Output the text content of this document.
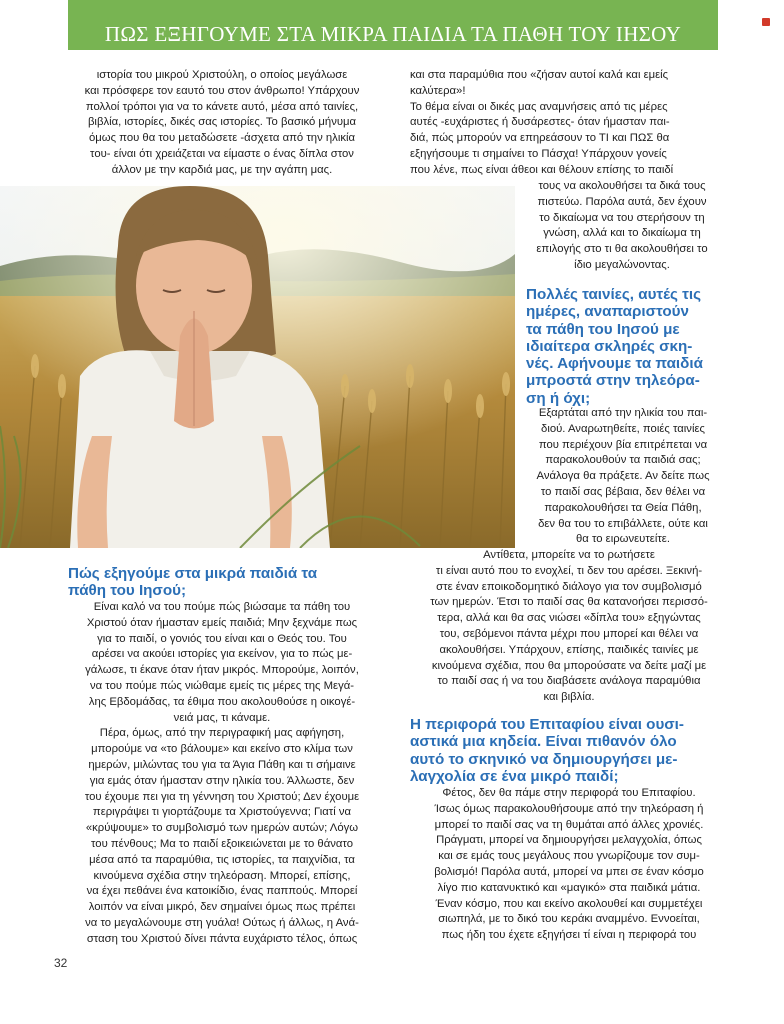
ΠΩΣ ΕΞΗΓΟΥΜΕ ΣΤΑ ΜΙΚΡΑ ΠΑΙΔΙΑ ΤΑ ΠΑΘΗ ΤΟΥ ΙΗΣΟΥ
ιστορία του μικρού Χριστούλη, ο οποίος μεγάλωσε
και πρόσφερε τον εαυτό του στον άνθρωπο! Υπάρχουν
πολλοί τρόποι για να το κάνετε αυτό, μέσα από ταινίες,
βιβλία, ιστορίες, δικές σας ιστορίες. Το βασικό μήνυμα
όμως που θα του μεταδώσετε -άσχετα από την ηλικία
του- είναι ότι χρειάζεται να είμαστε ο ένας δίπλα στον
άλλον με την καρδιά μας, με την αγάπη μας.
και στα παραμύθια που «ζήσαν αυτοί καλά και εμείς
καλύτερα»!
Το θέμα είναι οι δικές μας αναμνήσεις από τις μέρες
αυτές -ευχάριστες ή δυσάρεστες- όταν ήμασταν παι-
διά, πώς μπορούν να επηρεάσουν το ΤΙ και ΠΩΣ θα
εξηγήσουμε τι σημαίνει το Πάσχα! Υπάρχουν γονείς
που λένε, πως είναι άθεοι και θέλουν επίσης το παιδί
τους να ακολουθήσει τα δικά τους
πιστεύω. Παρόλα αυτά, δεν έχουν
το δικαίωμα να του στερήσουν τη
γνώση, αλλά και το δικαίωμα τη
επιλογής στο τι θα ακολουθήσει το
ίδιο μεγαλώνοντας.
Πολλές ταινίες, αυτές τις
ημέρες, αναπαριστούν
τα πάθη του Ιησού με
ιδιαίτερα σκληρές σκη-
νές. Αφήνουμε τα παιδιά
μπροστά στην τηλεόρα-
ση ή όχι;
Εξαρτάται από την ηλικία του παι-
διού. Αναρωτηθείτε, ποιές ταινίες
που περιέχουν βία επιτρέπεται να
παρακολουθούν τα παιδιά σας;
Ανάλογα θα πράξετε. Αν δείτε πως
το παιδί σας βέβαια, δεν θέλει να
παρακολουθήσει τα Θεία Πάθη,
δεν θα του το επιβάλλετε, ούτε και
θα το ειρωνευτείτε.
Αντίθετα, μπορείτε να το ρωτήσετε
τι είναι αυτό που το ενοχλεί, τι δεν του αρέσει. Ξεκινή-
στε έναν εποικοδομητικό διάλογο για τον συμβολισμό
των ημερών. Έτσι το παιδί σας θα κατανοήσει περισσό-
τερα, αλλά και θα σας νιώσει «δίπλα του» εξηγώντας
του, σεβόμενοι πάντα μέχρι που μπορεί και θέλει να
ακολουθήσει. Υπάρχουν, επίσης, παιδικές ταινίες με
κινούμενα σχέδια, που θα μπορούσατε να δείτε μαζί με
το παιδί σας ή να του διαβάσετε ανάλογα παραμύθια
και βιβλία.
Πώς εξηγούμε στα μικρά παιδιά τα
πάθη του Ιησού;
Είναι καλό να του πούμε πώς βιώσαμε τα πάθη του
Χριστού όταν ήμασταν εμείς παιδιά; Μην ξεχνάμε πως
για το παιδί, ο γονιός του είναι και ο Θεός του. Του
αρέσει να ακούει ιστορίες για εκείνον, για το πώς με-
γάλωσε, τι έκανε όταν ήταν μικρός. Μπορούμε, λοιπόν,
να του πούμε πώς νιώθαμε εμείς τις μέρες της Μεγά-
λης Εβδομάδας, τα έθιμα που ακολουθούσε η οικογέ-
νειά μας, τι κάναμε.
Πέρα, όμως, από την περιγραφική μας αφήγηση,
μπορούμε να «το βάλουμε» και εκείνο στο κλίμα των
ημερών, μιλώντας του για τα Άγια Πάθη και τι σήμαινε
για εμάς όταν ήμασταν στην ηλικία του. Άλλωστε, δεν
του έχουμε πει για τη γέννηση του Χριστού; Δεν έχουμε
περιγράψει τι γιορτάζουμε τα Χριστούγεννα; Γιατί να
«κρύψουμε» το συμβολισμό των ημερών αυτών; Λόγω
του πένθους; Μα το παιδί εξοικειώνεται με το θάνατο
μέσα από τα παραμύθια, τις ιστορίες, τα παιχνίδια, τα
κινούμενα σχέδια στην τηλεόραση. Μπορεί, επίσης,
να έχει πεθάνει ένα κατοικίδιο, ένας παππούς. Μπορεί
λοιπόν να είναι μικρό, δεν σημαίνει όμως πως πρέπει
να το μεγαλώνουμε στη γυάλα! Ούτως ή άλλως, η Ανά-
σταση του Χριστού δίνει πάντα ευχάριστο τέλος, όπως
Η περιφορά του Επιταφίου είναι ουσι-
αστικά μια κηδεία. Είναι πιθανόν όλο
αυτό το σκηνικό να δημιουργήσει με-
λαγχολία σε ένα μικρό παιδί;
Φέτος, δεν θα πάμε στην περιφορά του Επιταφίου.
Ίσως όμως παρακολουθήσουμε από την τηλεόραση ή
μπορεί το παιδί σας να τη θυμάται από άλλες χρονιές.
Πράγματι, μπορεί να δημιουργήσει μελαγχολία, όπως
και σε εμάς τους μεγάλους που γνωρίζουμε τον συμ-
βολισμό! Παρόλα αυτά, μπορεί να μπει σε έναν κόσμο
λίγο πιο κατανυκτικό και «μαγικό» στα παιδικά μάτια.
Έναν κόσμο, που και εκείνο ακολουθεί και συμμετέχει
σιωπηλά, με το δικό του κεράκι αναμμένο. Εννοείται,
πως ήδη του έχετε εξηγήσει τί είναι η περιφορά του
32
